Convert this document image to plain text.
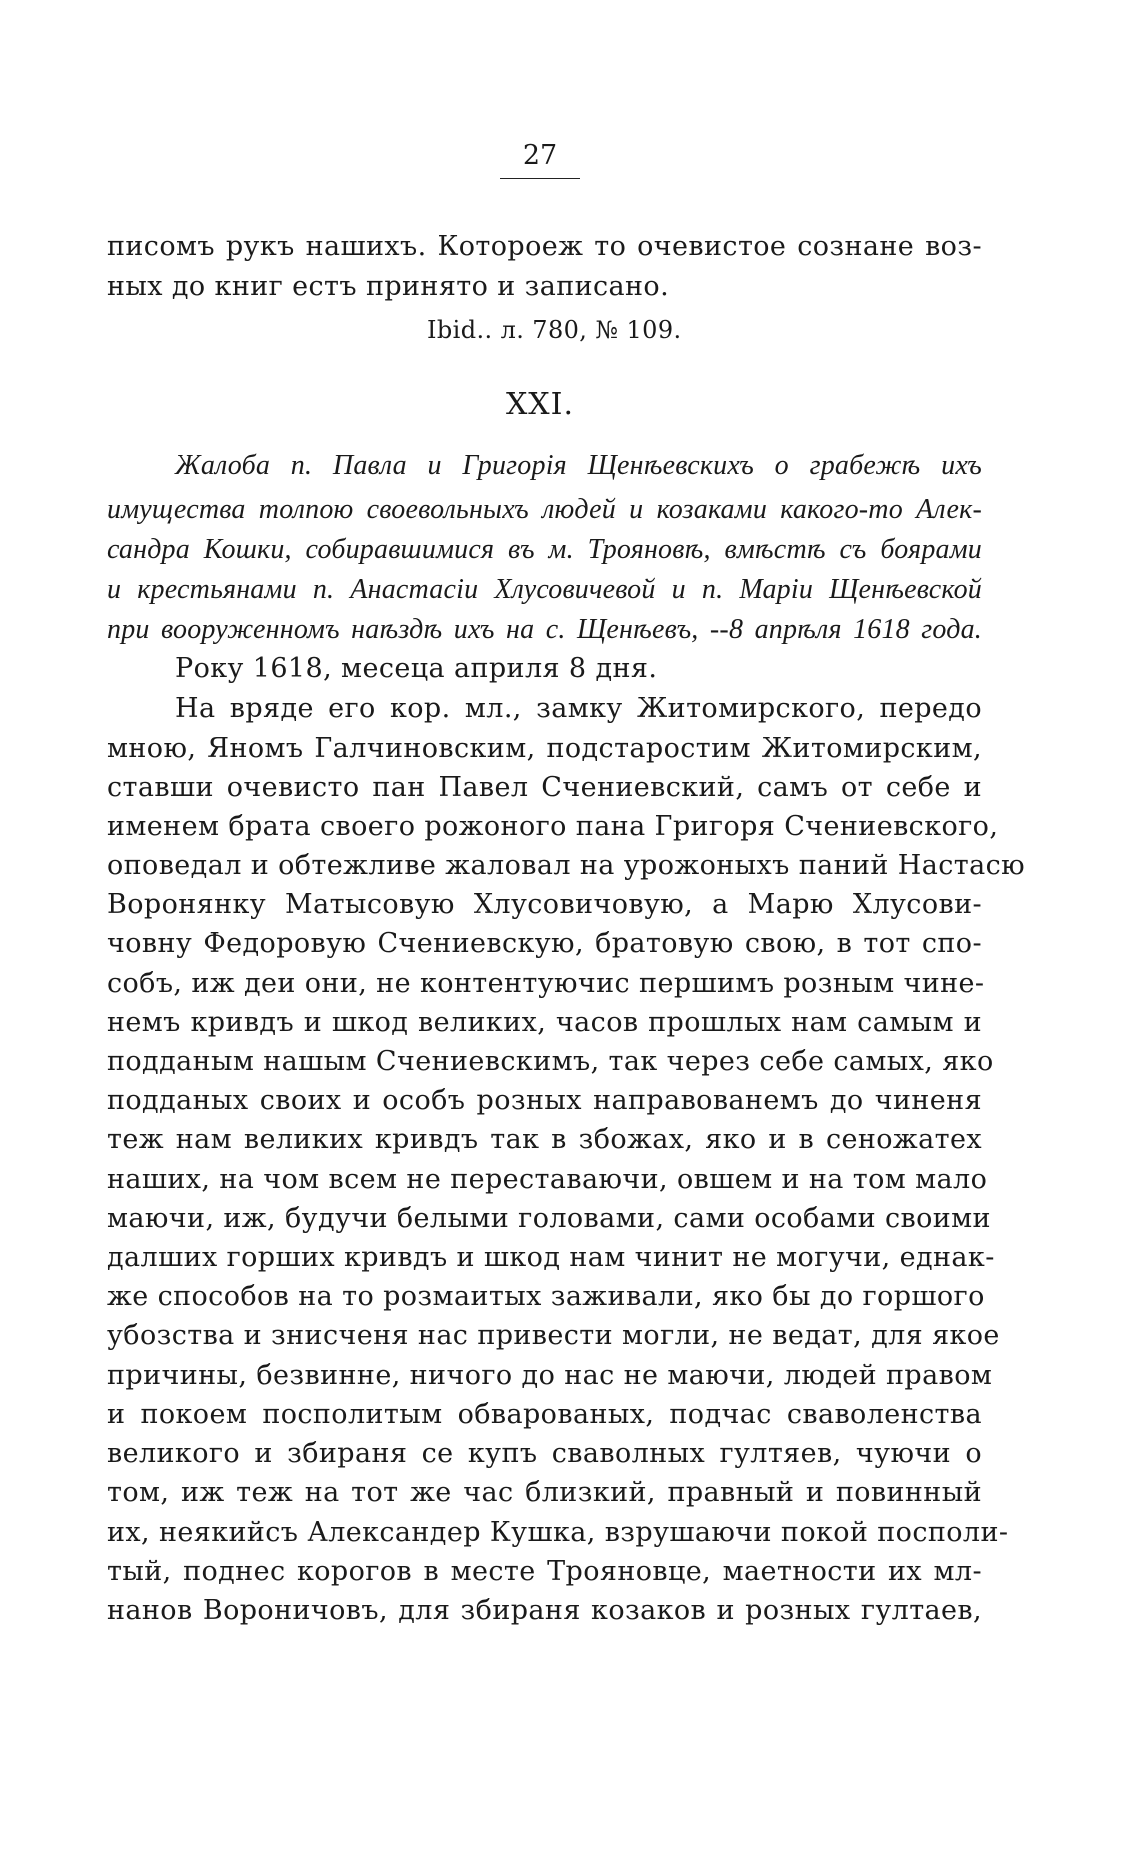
27
писомъ рукъ нашихъ. Котороеж то очевистое сознане воз-
ных до книг естъ принято и записано.
Ibid.. л. 780, № 109.
XXI.
Жалоба п. Павла и Григорія Щенѣевскихъ о грабежѣ ихъ
имущества толпою своевольныхъ людей и козаками какого-то Алек-
сандра Кошки, собиравшимися въ м. Трояновѣ, вмѣстѣ съ боярами
и крестьянами п. Анастасіи Хлусовичевой и п. Маріи Щенѣевской
при вооруженномъ наѣздѣ ихъ на с. Щенѣевъ, --8 апрѣля 1618 года.
Року 1618, месеца априля 8 дня.
На вряде его кор. мл., замку Житомирского, передо
мною, Яномъ Галчиновским, подстаростим Житомирским,
ставши очевисто пан Павел Счениевский, самъ от себе и
именем брата своего рожоного пана Григоря Счениевского,
оповедал и обтежливе жаловал на урожоныхъ паний Настасю
Воронянку Матысовую Хлусовичовую, а Марю Хлусови-
човну Федоровую Счениевскую, братовую свою, в тот спо-
собъ, иж деи они, не контентуючис першимъ розным чине-
немъ кривдъ и шкод великих, часов прошлых нам самым и
подданым нашым Счениевскимъ, так через себе самых, яко
подданых своих и особъ розных направованемъ до чиненя
теж нам великих кривдъ так в збожах, яко и в сеножатех
наших, на чом всем не переставаючи, овшем и на том мало
маючи, иж, будучи белыми головами, сами особами своими
далших горших кривдъ и шкод нам чинит не могучи, еднак-
же способов на то розмаитых заживали, яко бы до горшого
убозства и знисченя нас привести могли, не ведат, для якое
причины, безвинне, ничого до нас не маючи, людей правом
и покоем посполитым обварованых, подчас сваволенства
великого и збираня се купъ сваволных гултяев, чуючи о
том, иж теж на тот же час близкий, правный и повинный
их, неякийсъ Александер Кушка, взрушаючи покой посполи-
тый, поднес корогов в месте Трояновце, маетности их мл-
нанов Вороничовъ, для збираня козаков и розных гултаев,
